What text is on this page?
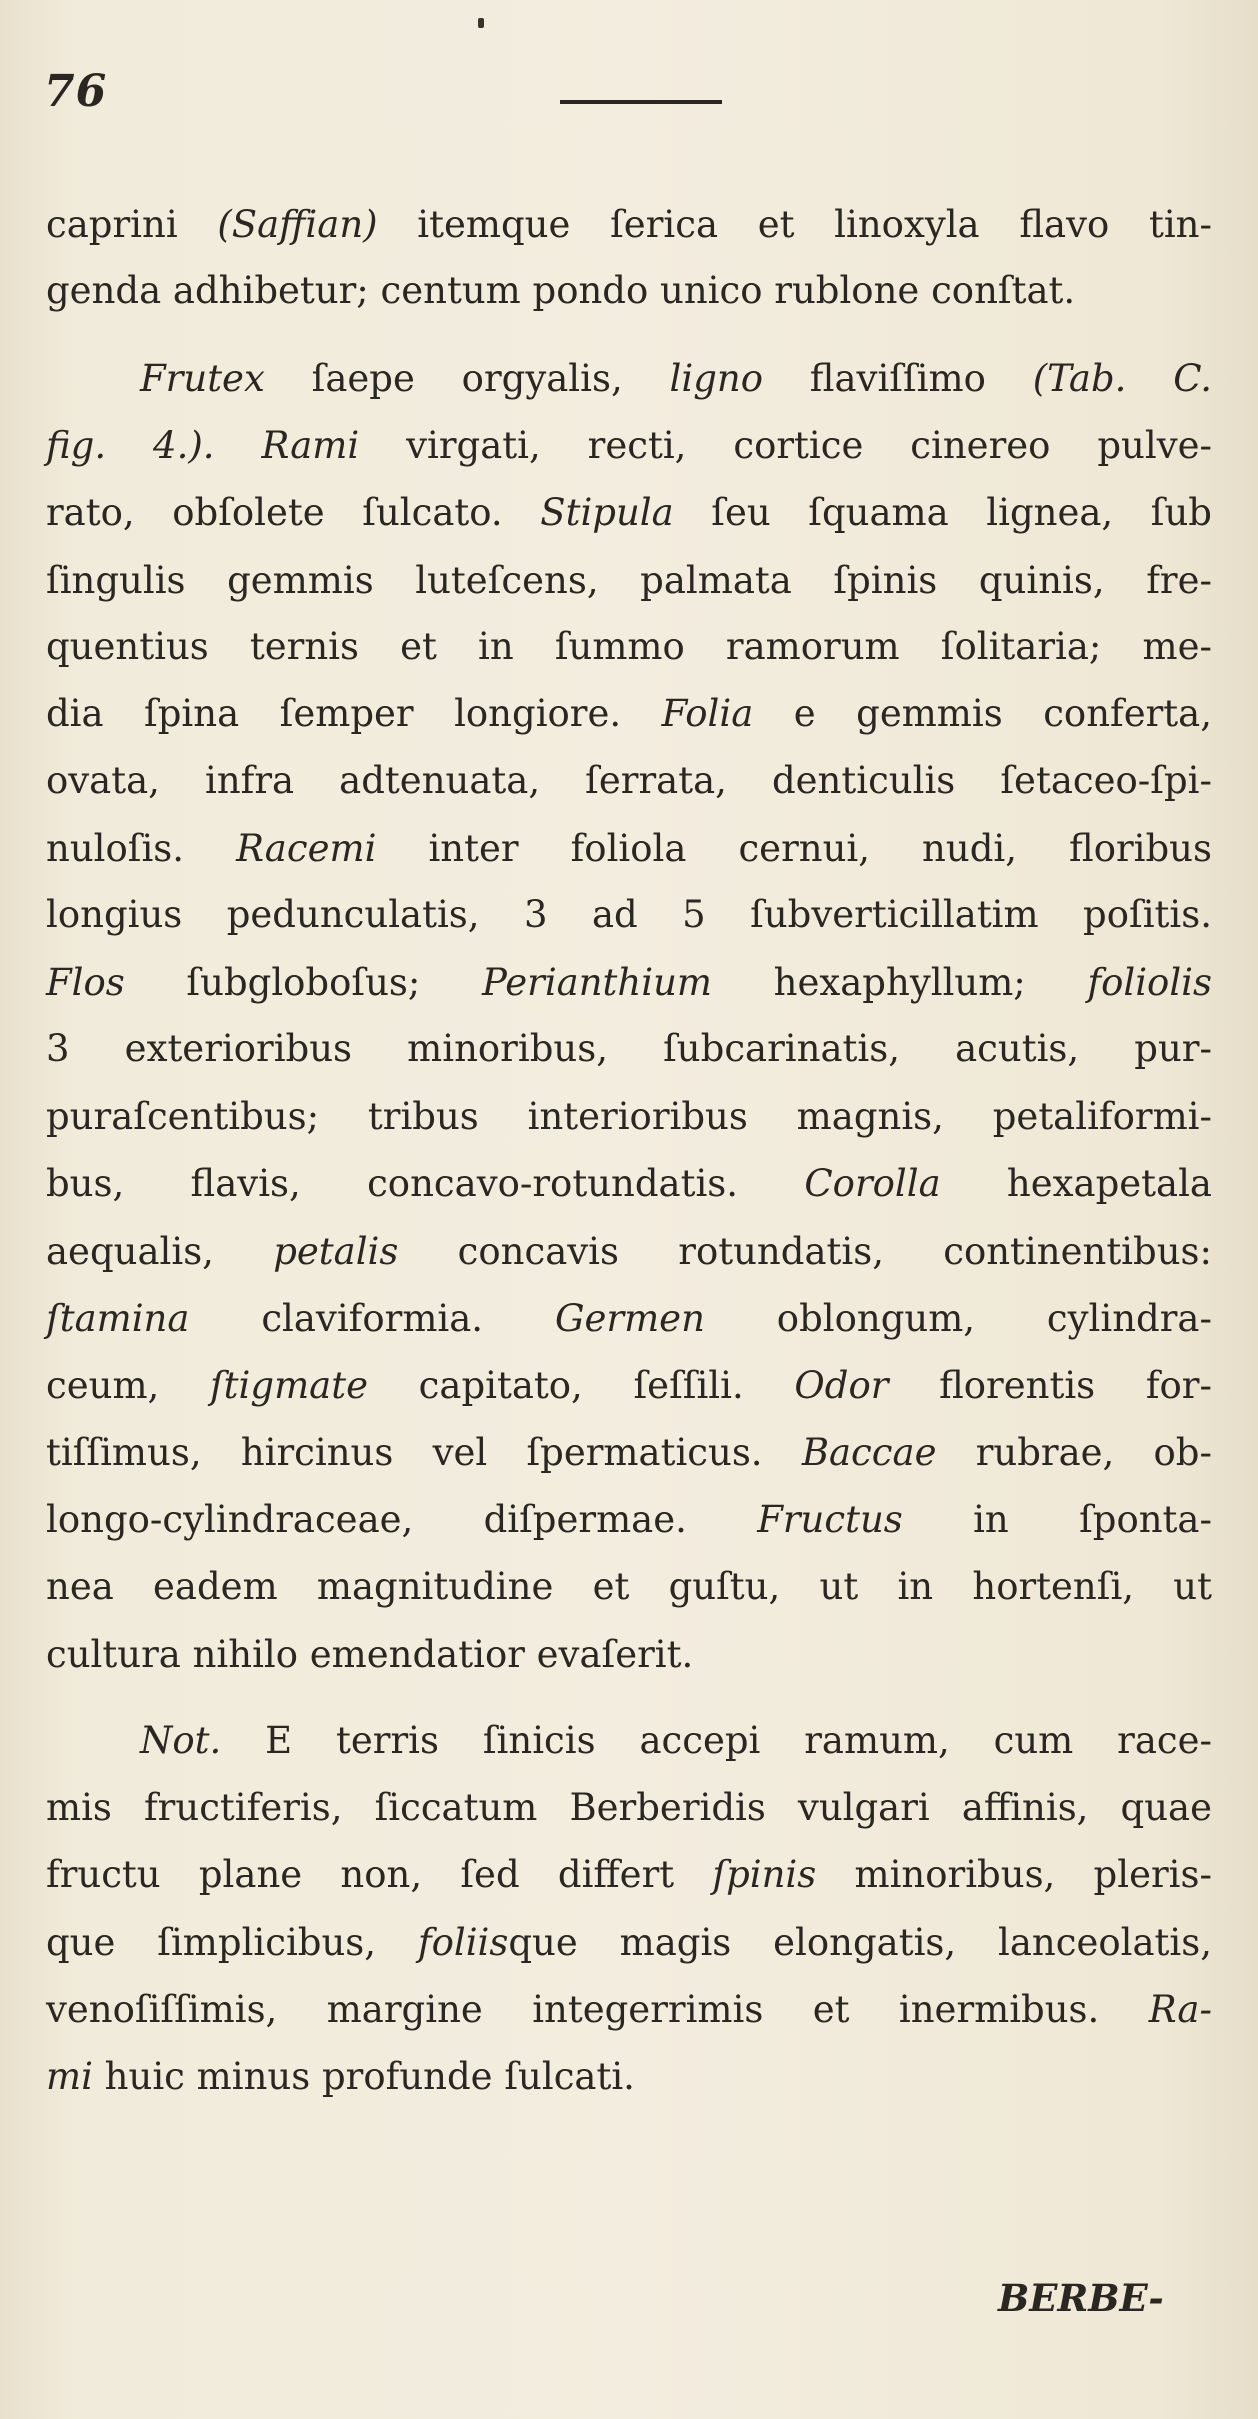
76
caprini (Saffian) itemque ſerica et linoxyla flavo tin-
genda adhibetur; centum pondo unico rublone conſtat.
Frutex ſaepe orgyalis, ligno flaviſſimo (Tab. C.
fig. 4.). Rami virgati, recti, cortice cinereo pulve-
rato, obſolete ſulcato. Stipula ſeu ſquama lignea, ſub
ſingulis gemmis luteſcens, palmata ſpinis quinis, fre-
quentius ternis et in ſummo ramorum ſolitaria; me-
dia ſpina ſemper longiore. Folia e gemmis conferta,
ovata, infra adtenuata, ſerrata, denticulis ſetaceo-ſpi-
nuloſis. Racemi inter foliola cernui, nudi, floribus
longius pedunculatis, 3 ad 5 ſubverticillatim poſitis.
Flos ſubgloboſus; Perianthium hexaphyllum; foliolis
3 exterioribus minoribus, ſubcarinatis, acutis, pur-
puraſcentibus; tribus interioribus magnis, petaliformi-
bus, flavis, concavo-rotundatis. Corolla hexapetala
aequalis, petalis concavis rotundatis, continentibus:
ſtamina claviformia. Germen oblongum, cylindra-
ceum, ſtigmate capitato, ſeſſili. Odor florentis for-
tiſſimus, hircinus vel ſpermaticus. Baccae rubrae, ob-
longo-cylindraceae, diſpermae. Fructus in ſponta-
nea eadem magnitudine et guſtu, ut in hortenſi, ut
cultura nihilo emendatior evaſerit.
Not. E terris ſinicis accepi ramum, cum race-
mis fructiferis, ſiccatum Berberidis vulgari affinis, quae
fructu plane non, ſed differt ſpinis minoribus, pleris-
que ſimplicibus, foliisque magis elongatis, lanceolatis,
venoſiſſimis, margine integerrimis et inermibus. Ra-
mi huic minus profunde ſulcati.
BERBE-
